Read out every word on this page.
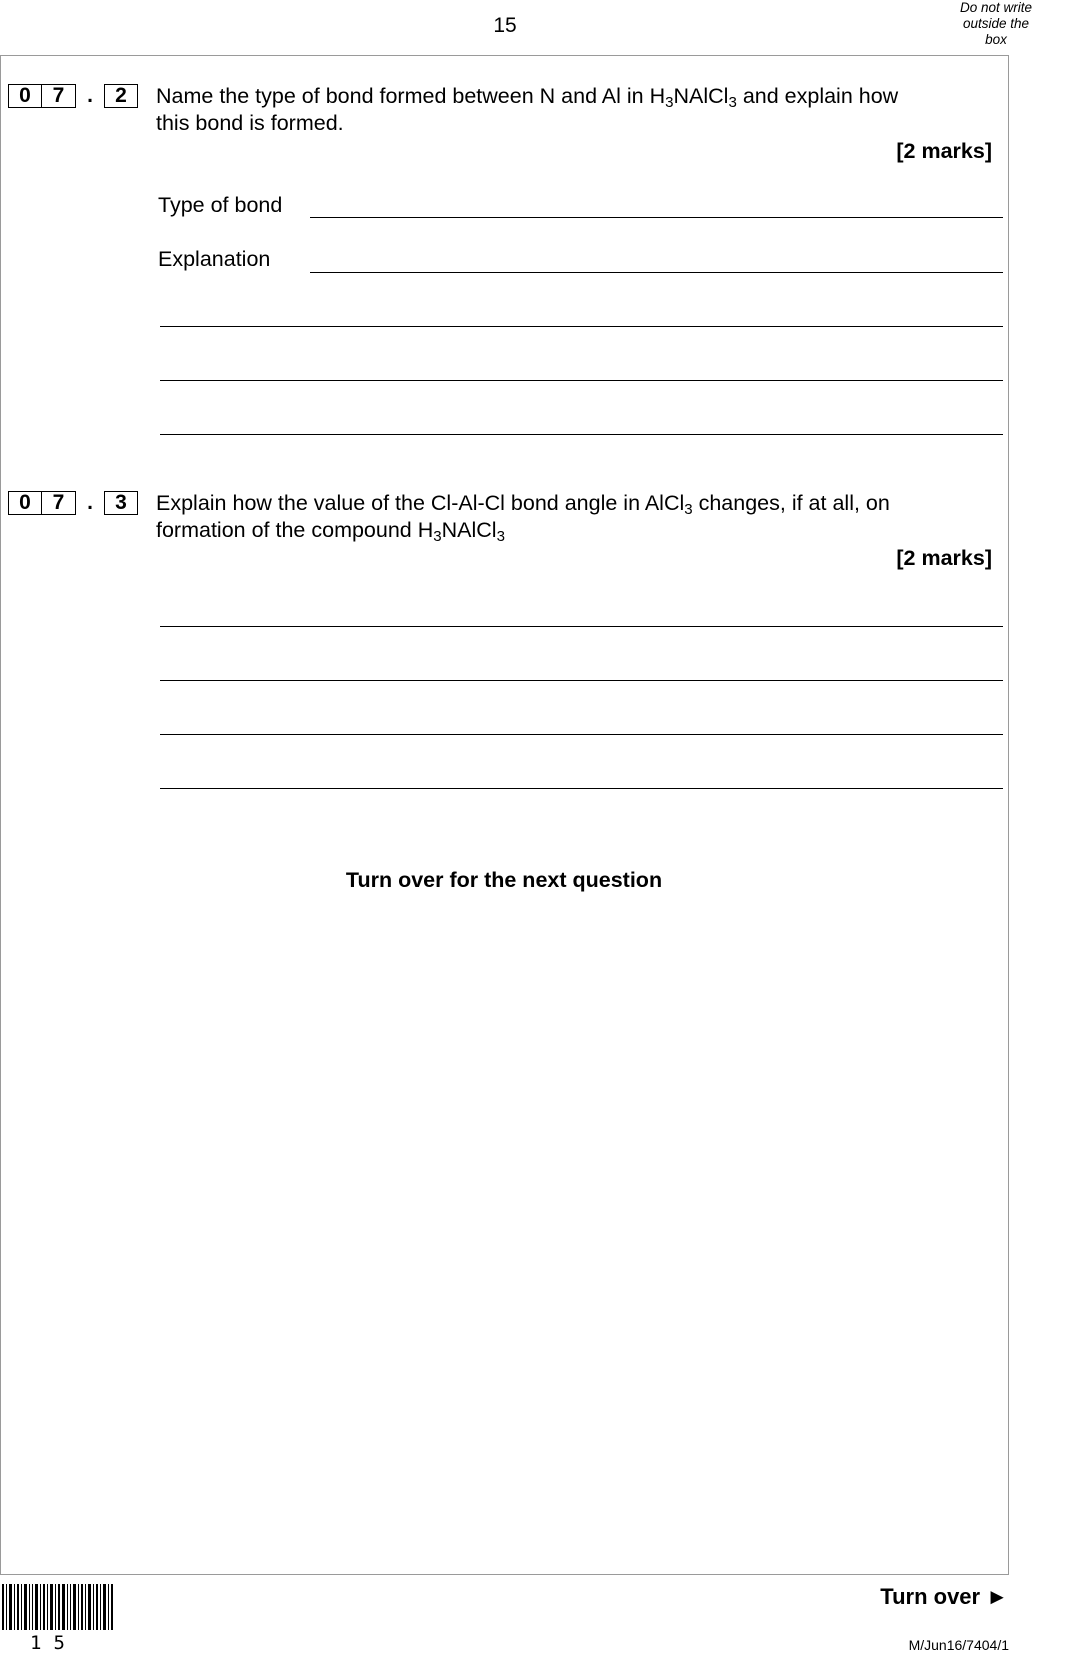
15
Do not write
outside the
box
0	7	.	2	Name the type of bond formed between N and Al in $H_3NAlCl_3$ and explain how
this bond is formed.
[2 marks]
Type of bond
Explanation
0	7	.	3	Explain how the value of the Cl-Al-Cl bond angle in AlCl$_3$ changes, if at all, on
formation of the compound $H_3NAlCl_3$
[2 marks]
Turn over for the next question
15
Turn over ►
M/Jun16/7404/1
